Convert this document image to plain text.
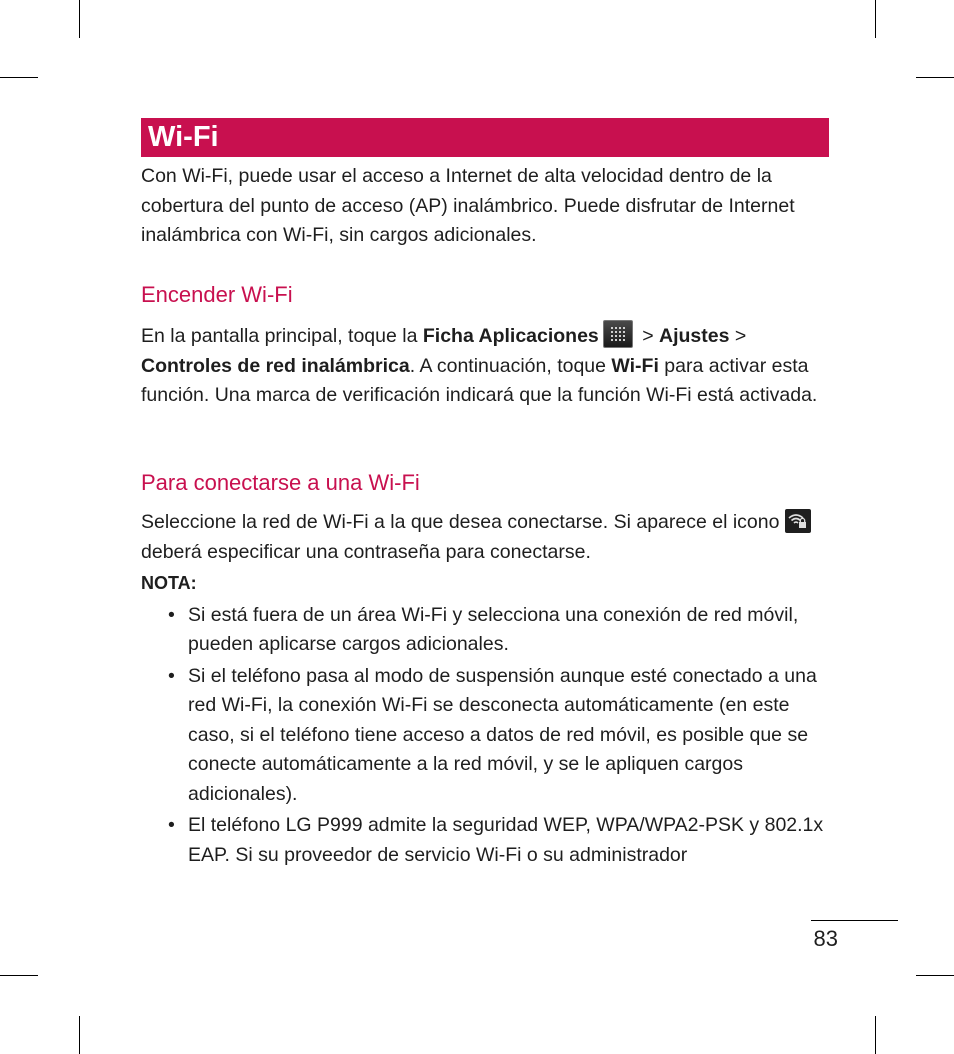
Wi-Fi

Con Wi-Fi, puede usar el acceso a Internet de alta velocidad dentro de la cobertura del punto de acceso (AP) inalámbrico. Puede disfrutar de Internet inalámbrica con Wi-Fi, sin cargos adicionales.

Encender Wi-Fi

En la pantalla principal, toque la Ficha Aplicaciones
> Ajustes > Controles de red inalámbrica. A continuación, toque Wi-Fi para activar esta función. Una marca de verificación indicará que la función Wi-Fi está activada.

Para conectarse a una Wi-Fi

Seleccione la red de Wi-Fi a la que desea conectarse. Si aparece el icono
deberá especificar una contraseña para conectarse.

NOTA:
• Si está fuera de un área Wi-Fi y selecciona una conexión de red móvil, pueden aplicarse cargos adicionales.
• Si el teléfono pasa al modo de suspensión aunque esté conectado a una red Wi-Fi, la conexión Wi-Fi se desconecta automáticamente (en este caso, si el teléfono tiene acceso a datos de red móvil, es posible que se conecte automáticamente a la red móvil, y se le apliquen cargos adicionales).
• El teléfono LG P999 admite la seguridad WEP, WPA/WPA2-PSK y 802.1x EAP. Si su proveedor de servicio Wi-Fi o su administrador
83
